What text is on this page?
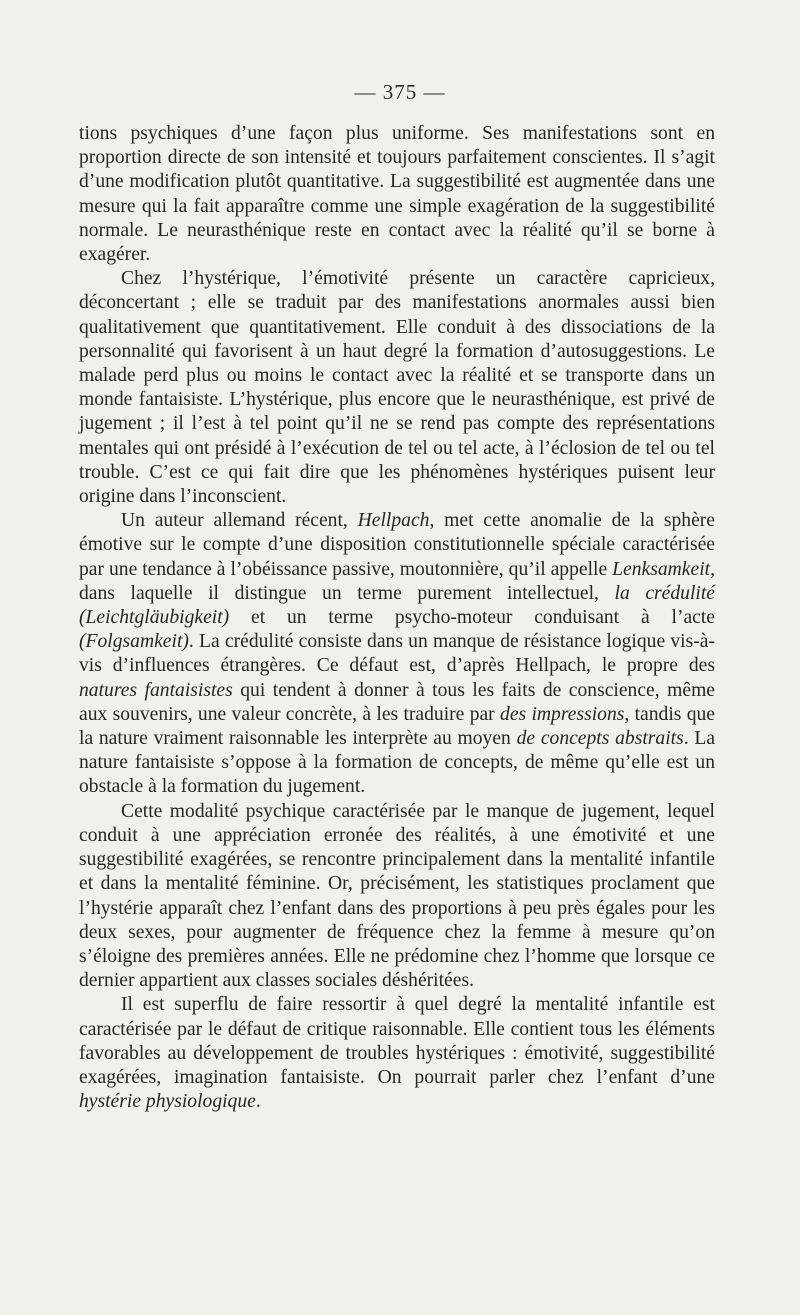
— 375 —

tions psychiques d’une façon plus uniforme. Ses manifestations sont en proportion directe de son intensité et toujours parfaitement conscientes. Il s’agit d’une modification plutôt quantitative. La suggestibilité est augmentée dans une mesure qui la fait apparaître comme une simple exagération de la suggestibilité normale. Le neurasthénique reste en contact avec la réalité qu’il se borne à exagérer.

Chez l’hystérique, l’émotivité présente un caractère capricieux, déconcertant ; elle se traduit par des manifestations anormales aussi bien qualitativement que quantitativement. Elle conduit à des dissociations de la personnalité qui favorisent à un haut degré la formation d’autosuggestions. Le malade perd plus ou moins le contact avec la réalité et se transporte dans un monde fantaisiste. L’hystérique, plus encore que le neurasthénique, est privé de jugement ; il l’est à tel point qu’il ne se rend pas compte des représentations mentales qui ont présidé à l’exécution de tel ou tel acte, à l’éclosion de tel ou tel trouble. C’est ce qui fait dire que les phénomènes hystériques puisent leur origine dans l’inconscient.

Un auteur allemand récent, Hellpach, met cette anomalie de la sphère émotive sur le compte d’une disposition constitutionnelle spéciale caractérisée par une tendance à l’obéissance passive, moutonnière, qu’il appelle Lenksamkeit, dans laquelle il distingue un terme purement intellectuel, la crédulité (Leichtgläubigkeit) et un terme psycho-moteur conduisant à l’acte (Folgsamkeit). La crédulité consiste dans un manque de résistance logique vis-à-vis d’influences étrangères. Ce défaut est, d’après Hellpach, le propre des natures fantaisistes qui tendent à donner à tous les faits de conscience, même aux souvenirs, une valeur concrète, à les traduire par des impressions, tandis que la nature vraiment raisonnable les interprète au moyen de concepts abstraits. La nature fantaisiste s’oppose à la formation de concepts, de même qu’elle est un obstacle à la formation du jugement.

Cette modalité psychique caractérisée par le manque de jugement, lequel conduit à une appréciation erronée des réalités, à une émotivité et une suggestibilité exagérées, se rencontre principalement dans la mentalité infantile et dans la mentalité féminine. Or, précisément, les statistiques proclament que l’hystérie apparaît chez l’enfant dans des proportions à peu près égales pour les deux sexes, pour augmenter de fréquence chez la femme à mesure qu’on s’éloigne des premières années. Elle ne prédomine chez l’homme que lorsque ce dernier appartient aux classes sociales déshéritées.

Il est superflu de faire ressortir à quel degré la mentalité infantile est caractérisée par le défaut de critique raisonnable. Elle contient tous les éléments favorables au développement de troubles hystériques : émotivité, suggestibilité exagérées, imagination fantaisiste. On pourrait parler chez l’enfant d’une hystérie physiologique.
